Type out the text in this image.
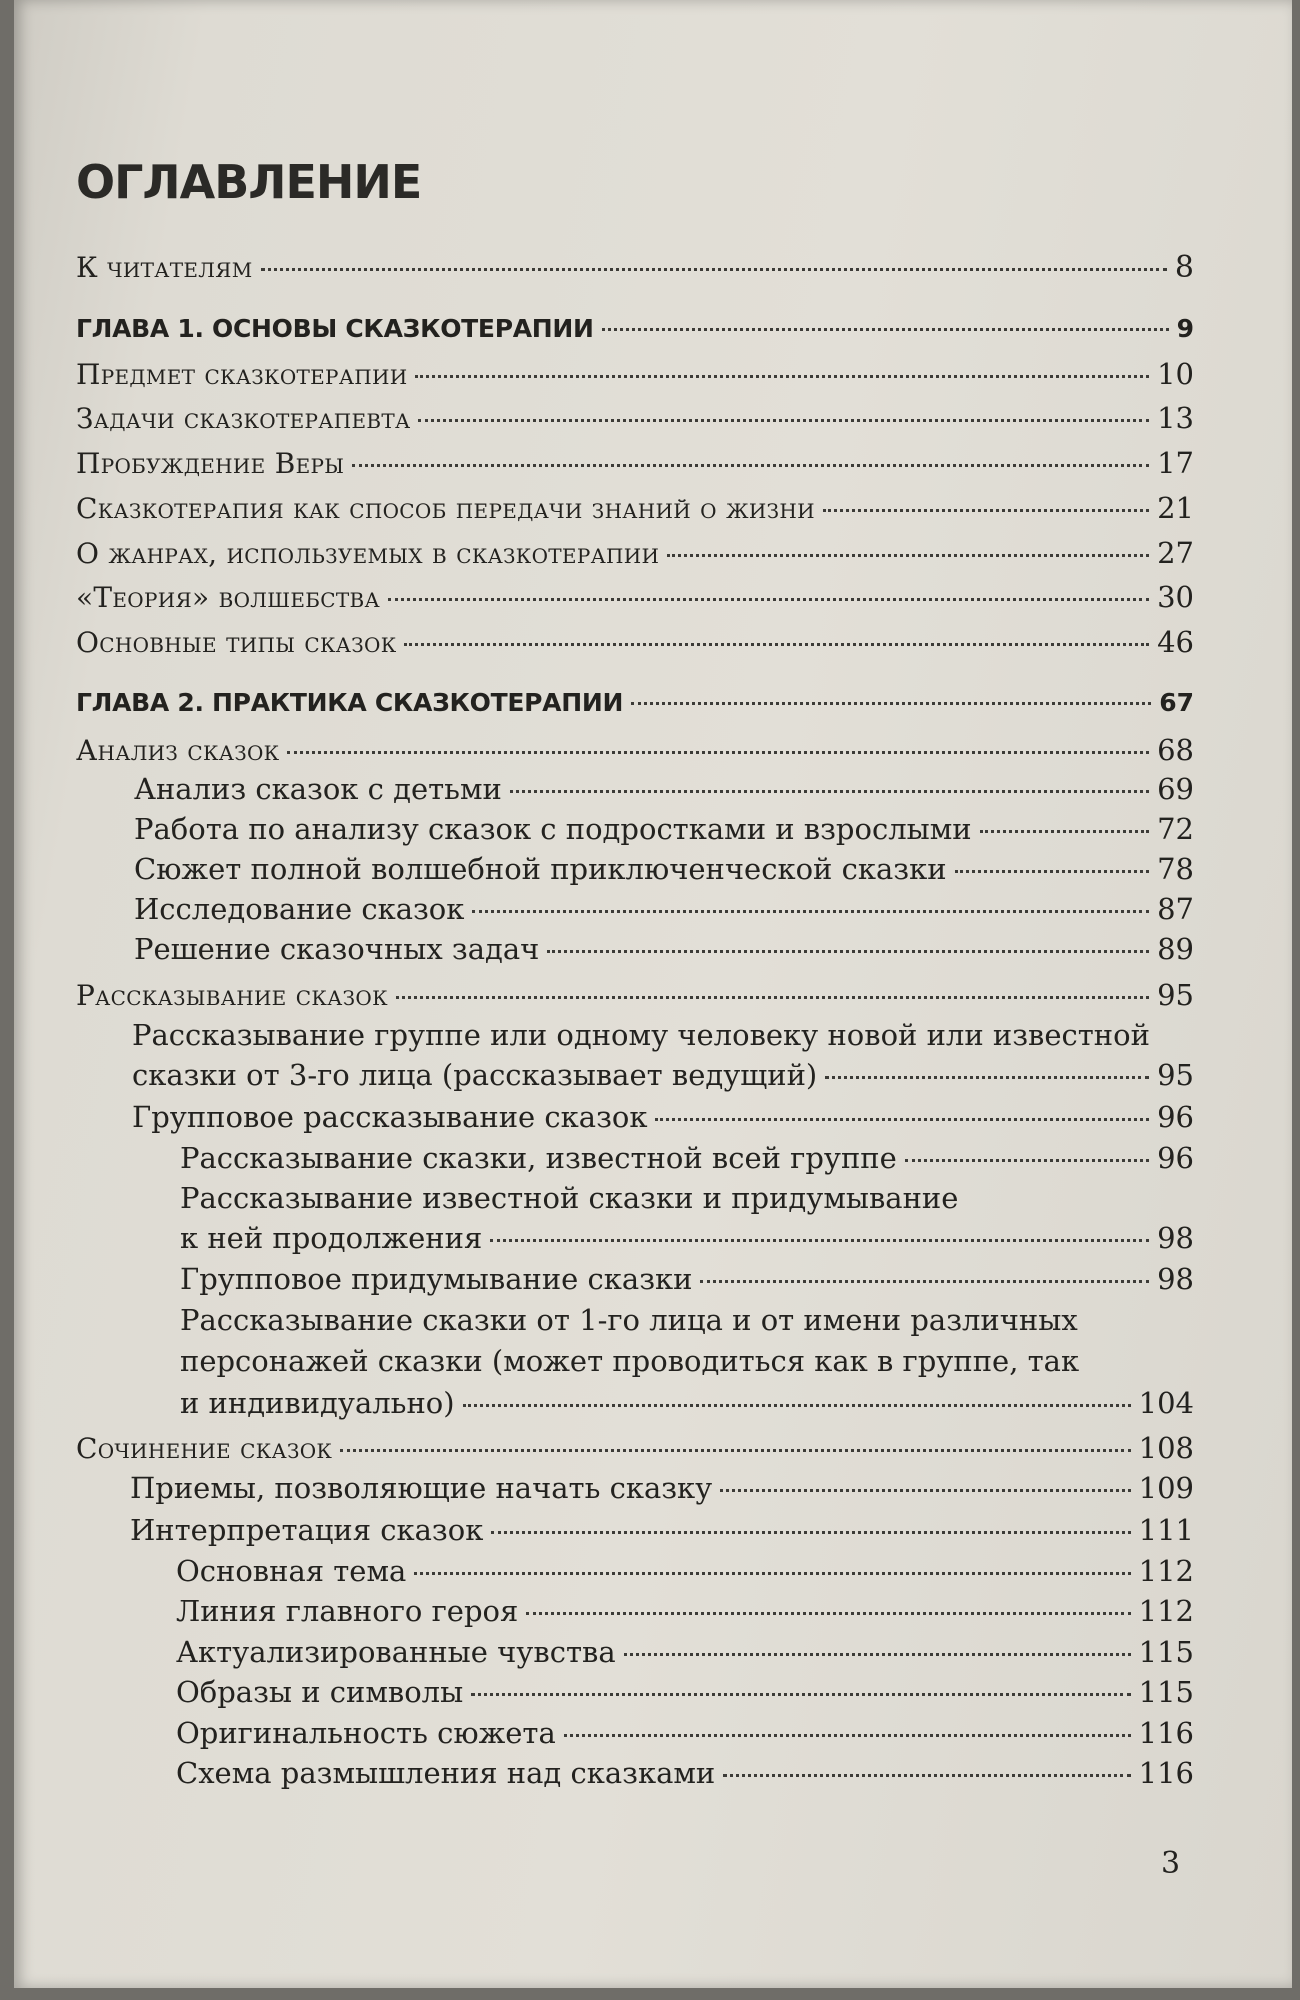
ОГЛАВЛЕНИЕ
К читателям	8
ГЛАВА 1. ОСНОВЫ СКАЗКОТЕРАПИИ	9
Предмет сказкотерапии	10
Задачи сказкотерапевта	13
Пробуждение Веры	17
Сказкотерапия как способ передачи знаний о жизни	21
О жанрах, используемых в сказкотерапии	27
«Теория» волшебства	30
Основные типы сказок	46
ГЛАВА 2. ПРАКТИКА СКАЗКОТЕРАПИИ	67
Анализ сказок	68
Анализ сказок с детьми	69
Работа по анализу сказок с подростками и взрослыми	72
Сюжет полной волшебной приключенческой сказки	78
Исследование сказок	87
Решение сказочных задач	89
Рассказывание сказок	95
Рассказывание группе или одному человеку новой или известной
сказки от 3-го лица (рассказывает ведущий)	95
Групповое рассказывание сказок	96
Рассказывание сказки, известной всей группе	96
Рассказывание известной сказки и придумывание
к ней продолжения	98
Групповое придумывание сказки	98
Рассказывание сказки от 1-го лица и от имени различных
персонажей сказки (может проводиться как в группе, так
и индивидуально)	104
Сочинение сказок	108
Приемы, позволяющие начать сказку	109
Интерпретация сказок	111
Основная тема	112
Линия главного героя	112
Актуализированные чувства	115
Образы и символы	115
Оригинальность сюжета	116
Схема размышления над сказками	116
3
